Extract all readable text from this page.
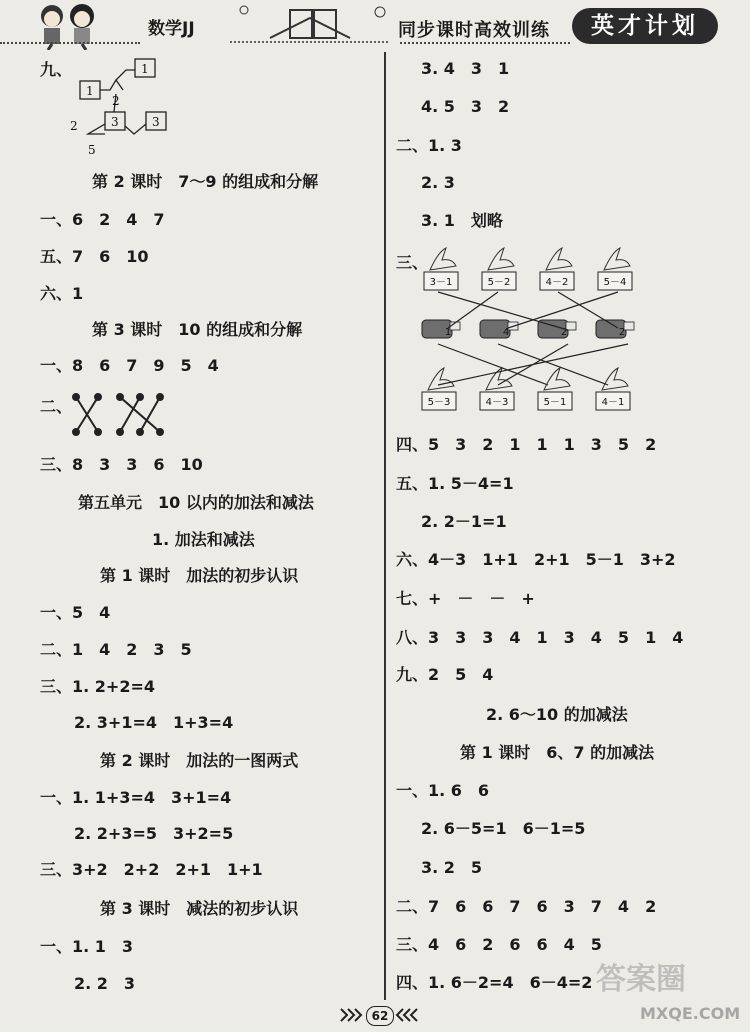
数学JJ	同步课时高效训练	英才计划
九、	1
1
2
3	3
2
5
第 2 课时　7～9 的组成和分解
一、6　2　4　7
五、7　6　10
六、1
第 3 课时　10 的组成和分解
一、8　6　7　9　5　4
二、
三、8　3　3　6　10
第五单元　10 以内的加法和减法
1. 加法和减法
第 1 课时　加法的初步认识
一、5　4
二、1　4　2　3　5
三、1. 2+2=4
2. 3+1=4　1+3=4
第 2 课时　加法的一图两式
一、1. 1+3=4　3+1=4
2. 2+3=5　3+2=5
三、3+2　2+2　2+1　1+1
第 3 课时　减法的初步认识
一、1. 1　3
2. 2　3
3. 4　3　1
4. 5　3　2
二、1. 3
2. 3
3. 1　划略
三、
3－1	5－2	4－2	5－4
1	4	2	2
5－3	4－3	5－1	4－1
四、5　3　2　1　1　1　3　5　2
五、1. 5－4=1
2. 2－1=1
六、4－3　1+1　2+1　5－1　3+2
七、+　－　－　+
八、3　3　3　4　1　3　4　5　1　4
九、2　5　4
2. 6～10 的加减法
第 1 课时　6、7 的加减法
一、1. 6　6
2. 6－5=1　6－1=5
3. 2　5
二、7　6　6　7　6　3　7　4　2
三、4　6　2　6　6　4　5
四、1. 6－2=4　6－4=2
62
答案圈
MXQE.COM
